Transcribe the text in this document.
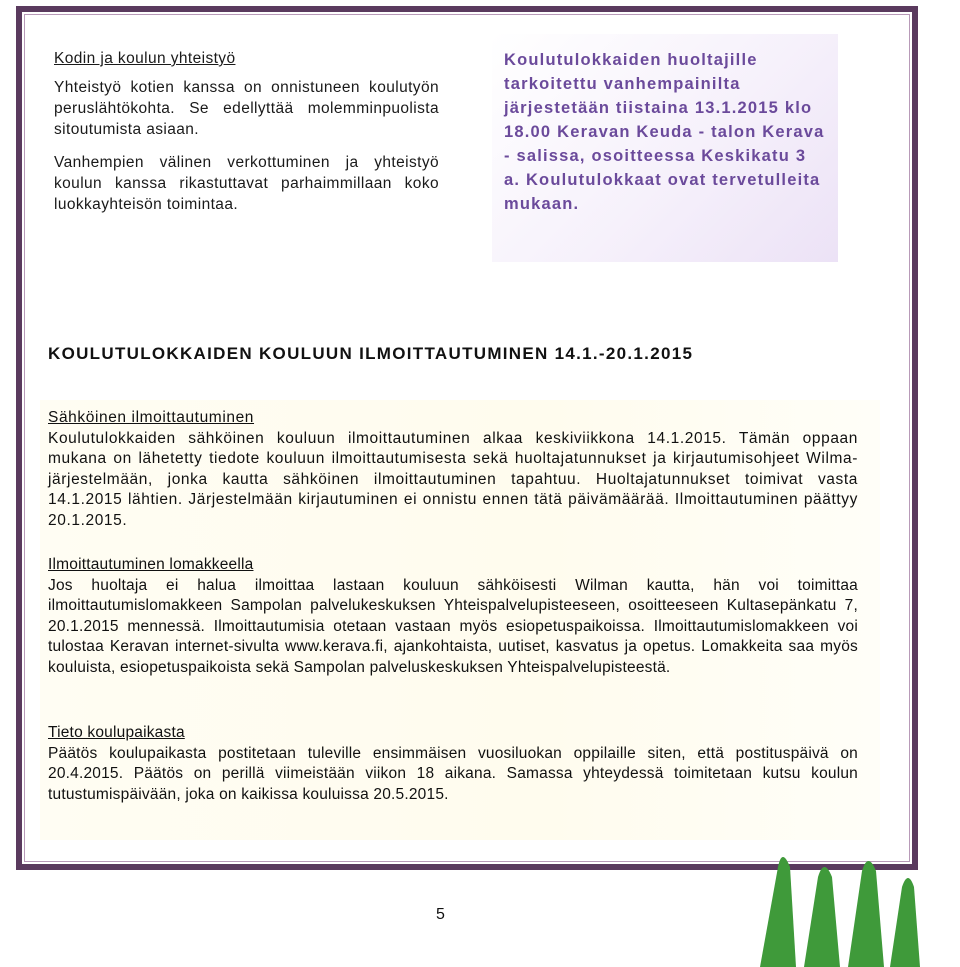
Kodin ja koulun yhteistyö

Yhteistyö kotien kanssa on onnistuneen koulutyön peruslähtökohta. Se edellyttää molemminpuolista sitoutumista asiaan.

Vanhempien välinen verkottuminen ja yhteistyö koulun kanssa rikastuttavat parhaimmillaan koko luokkayhteisön toimintaa.

Koulutulokkaiden huoltajille tarkoitettu vanhempainilta järjestetään tiistaina 13.1.2015 klo 18.00 Keravan Keuda - talon Kerava - salissa, osoitteessa Keskikatu 3 a. Koulutulokkaat ovat tervetulleita mukaan.

KOULUTULOKKAIDEN KOULUUN ILMOITTAUTUMINEN 14.1.-20.1.2015
Sähköinen ilmoittautuminen
Koulutulokkaiden sähköinen kouluun ilmoittautuminen alkaa keskiviikkona 14.1.2015. Tämän oppaan mukana on lähetetty tiedote kouluun ilmoittautumisesta sekä huoltajatunnukset ja kirjautumisohjeet Wilma-järjestelmään, jonka kautta sähköinen ilmoittautuminen tapahtuu. Huoltajatunnukset toimivat vasta 14.1.2015 lähtien. Järjestelmään kirjautuminen ei onnistu ennen tätä päivämäärää. Ilmoittautuminen päättyy 20.1.2015.
Ilmoittautuminen lomakkeella
Jos huoltaja ei halua ilmoittaa lastaan kouluun sähköisesti Wilman kautta, hän voi toimittaa ilmoittautumislomakkeen Sampolan palvelukeskuksen Yhteispalvelupisteeseen, osoitteeseen Kultasepänkatu 7, 20.1.2015 mennessä. Ilmoittautumisia otetaan vastaan myös esiopetuspaikoissa. Ilmoittautumislomakkeen voi tulostaa Keravan internet-sivulta www.kerava.fi, ajankohtaista, uutiset, kasvatus ja opetus. Lomakkeita saa myös kouluista, esiopetuspaikoista sekä Sampolan palveluskeskuksen Yhteispalvelupisteestä.
Tieto koulupaikasta
Päätös koulupaikasta postitetaan tuleville ensimmäisen vuosiluokan oppilaille siten, että postituspäivä on 20.4.2015. Päätös on perillä viimeistään viikon 18 aikana. Samassa yhteydessä toimitetaan kutsu koulun tutustumispäivään, joka on kaikissa kouluissa 20.5.2015.
5
